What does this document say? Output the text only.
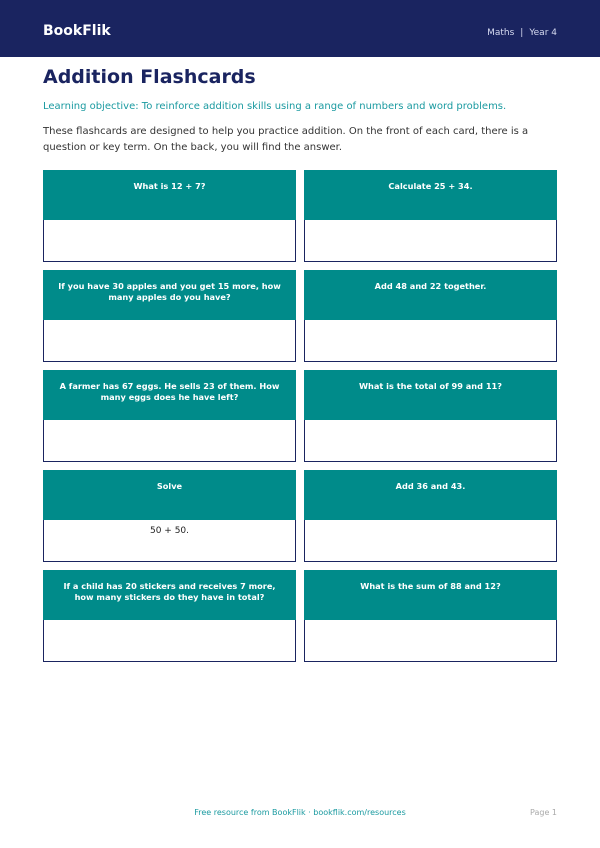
BookFlik	Maths | Year 4
Addition Flashcards
Learning objective: To reinforce addition skills using a range of numbers and word problems.
These flashcards are designed to help you practice addition. On the front of each card, there is a question or key term. On the back, you will find the answer.
What is 12 + 7?	Calculate 25 + 34.
If you have 30 apples and you get 15 more, how many apples do you have?
Add 48 and 22 together.
A farmer has 67 eggs. He sells 23 of them. How many eggs does he have left?
What is the total of 99 and 11?
Solve
50 + 50.
Add 36 and 43.
If a child has 20 stickers and receives 7 more, how many stickers do they have in total?
What is the sum of 88 and 12?
Free resource from BookFlik · bookflik.com/resources	Page 1
